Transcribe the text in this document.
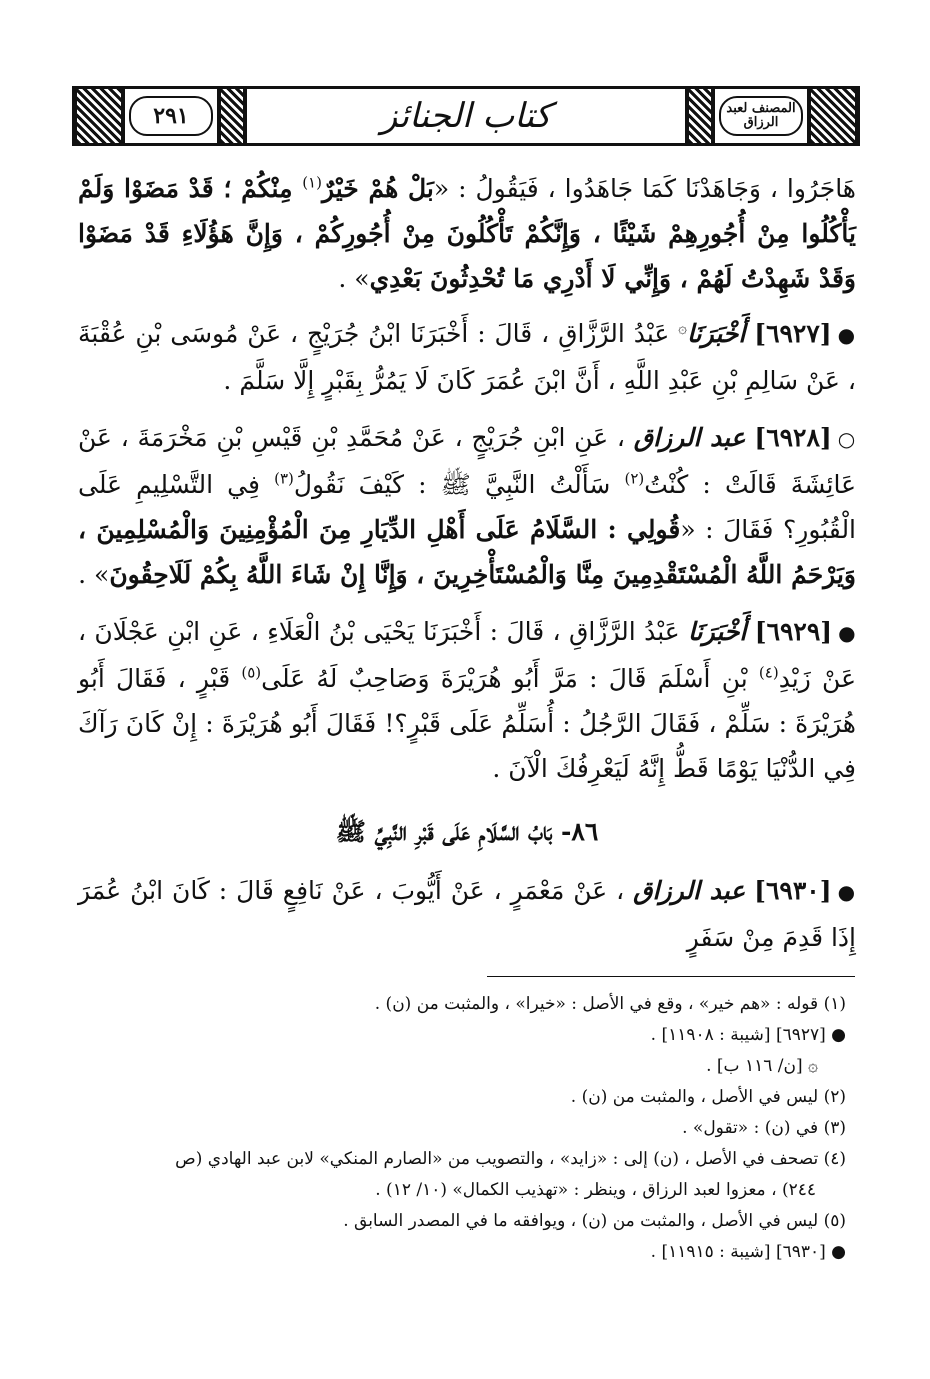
٢٩١	كتاب الجنائز	المصنف لعبد الرزاق

هَاجَرُوا ، وَجَاهَدْنَا كَمَا جَاهَدُوا ، فَيَقُولُ : «بَلْ هُمْ خَيْرٌ$^{(١)}$ مِنْكُمْ ؛ قَدْ مَضَوْا وَلَمْ يَأْكُلُوا مِنْ أُجُورِهِمْ شَيْئًا ، وَإِنَّكُمْ تَأْكُلُونَ مِنْ أُجُورِكُمْ ، وَإِنَّ هَؤُلَاءِ قَدْ مَضَوْا وَقَدْ شَهِدْتُ لَهُمْ ، وَإِنِّي لَا أَدْرِي مَا تُحْدِثُونَ بَعْدِي» .

●[٦٩٢٧] أَخْبَرَنَا۞ عَبْدُ الرَّزَّاقِ ، قَالَ : أَخْبَرَنَا ابْنُ جُرَيْجٍ ، عَنْ مُوسَى بْنِ عُقْبَةَ ، عَنْ سَالِمِ بْنِ عَبْدِ اللَّهِ ، أَنَّ ابْنَ عُمَرَ كَانَ لَا يَمُرُّ بِقَبْرٍ إِلَّا سَلَّمَ .

○[٦٩٢٨] عبد الرزاق ، عَنِ ابْنِ جُرَيْجٍ ، عَنْ مُحَمَّدِ بْنِ قَيْسِ بْنِ مَخْرَمَةَ ، عَنْ عَائِشَةَ قَالَتْ : كُنْتُ$^{(٢)}$ سَأَلْتُ النَّبِيَّ ﷺ : كَيْفَ نَقُولُ$^{(٣)}$ فِي التَّسْلِيمِ عَلَى الْقُبُورِ؟ فَقَالَ : «قُولِي : السَّلَامُ عَلَى أَهْلِ الدِّيَارِ مِنَ الْمُؤْمِنِينَ وَالْمُسْلِمِينَ ، وَيَرْحَمُ اللَّهُ الْمُسْتَقْدِمِينَ مِنَّا وَالْمُسْتَأْخِرِينَ ، وَإِنَّا إِنْ شَاءَ اللَّهُ بِكُمْ لَلَاحِقُونَ» .

●[٦٩٢٩] أَخْبَرَنَا عَبْدُ الرَّزَّاقِ ، قَالَ : أَخْبَرَنَا يَحْيَى بْنُ الْعَلَاءِ ، عَنِ ابْنِ عَجْلَانَ ، عَنْ زَيْدِ$^{(٤)}$ بْنِ أَسْلَمَ قَالَ : مَرَّ أَبُو هُرَيْرَةَ وَصَاحِبٌ لَهُ عَلَى$^{(٥)}$ قَبْرٍ ، فَقَالَ أَبُو هُرَيْرَةَ : سَلِّمْ ، فَقَالَ الرَّجُلُ : أُسَلِّمُ عَلَى قَبْرٍ؟! فَقَالَ أَبُو هُرَيْرَةَ : إِنْ كَانَ رَآكَ فِي الدُّنْيَا يَوْمًا قَطُّ إِنَّهُ لَيَعْرِفُكَ الْآنَ .

٨٦- بَابُ السَّلَامِ عَلَى قَبْرِ النَّبِيِّ ﷺ

●[٦٩٣٠] عبد الرزاق ، عَنْ مَعْمَرٍ ، عَنْ أَيُّوبَ ، عَنْ نَافِعٍ قَالَ : كَانَ ابْنُ عُمَرَ إِذَا قَدِمَ مِنْ سَفَرٍ

(١) قوله : «هم خير» ، وقع في الأصل : «خيرا» ، والمثبت من (ن) .
● [٦٩٢٧] [شيبة : ١١٩٠٨] .
۞ [ن/ ١١٦ ب] .
(٢) ليس في الأصل ، والمثبت من (ن) .
(٣) في (ن) : «تقول» .
(٤) تصحف في الأصل ، (ن) إلى : «زايد» ، والتصويب من «الصارم المنكي» لابن عبد الهادي (ص
٢٤٤) ، معزوا لعبد الرزاق ، وينظر : «تهذيب الكمال» (١٠/ ١٢) .
(٥) ليس في الأصل ، والمثبت من (ن) ، ويوافقه ما في المصدر السابق .
● [٦٩٣٠] [شيبة : ١١٩١٥] .
